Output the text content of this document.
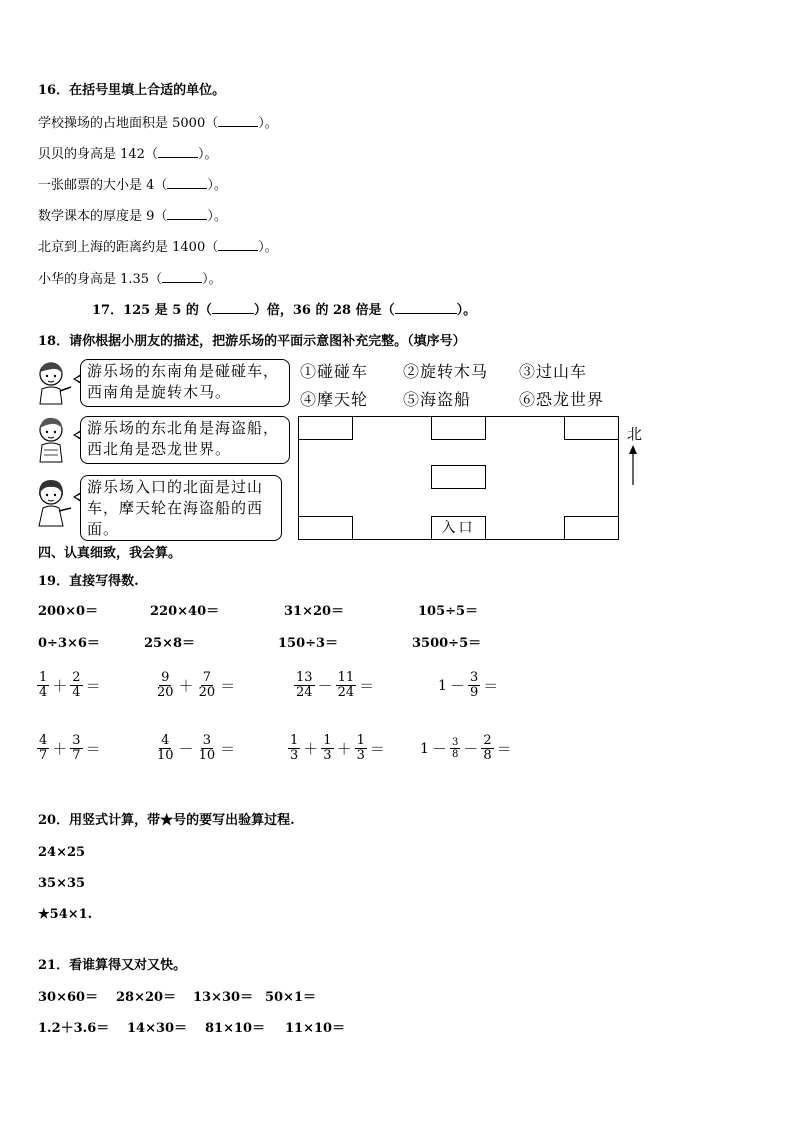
16．在括号里填上合适的单位。
学校操场的占地面积是 5000（	）。
贝贝的身高是 142（	）。
一张邮票的大小是 4（	）。
数学课本的厚度是 9（	）。
北京到上海的距离约是 1400（	）。
小华的身高是 1.35（	）。
17．125 是 5 的（	）倍，36 的 28 倍是（	）。
18．请你根据小朋友的描述，把游乐场的平面示意图补充完整。（填序号）
游乐场的东南角是碰碰车，西南角是旋转木马。
游乐场的东北角是海盗船，西北角是恐龙世界。
游乐场入口的北面是过山车，摩天轮在海盗船的西面。
①碰碰车 ②旋转木马 ③过山车
④摩天轮 ⑤海盗船	⑥恐龙世界
入口
北
四、认真细致，我会算。
19．直接写得数.
200×0＝	220×40＝	31×20＝	105÷5＝
0÷3×6＝	25×8＝	150÷3＝	3500÷5＝
$\frac{1}{4} + \frac{2}{4}$ ＝	$\frac{9}{20} + \frac{7}{20}$ ＝	$\frac{13}{24} - \frac{11}{24}$ ＝	$1 - \frac{3}{9}$ ＝
$\frac{4}{7} + \frac{3}{7}$ ＝	$\frac{4}{10} - \frac{3}{10}$ ＝	$\frac{1}{3} + \frac{1}{3} + \frac{1}{3}$ ＝	$1 - \frac{3}{8} - \frac{2}{8}$ ＝
20．用竖式计算，带★号的要写出验算过程.
24×25
35×35
★54×1.
21．看谁算得又对又快。
30×60＝ 28×20＝ 13×30＝ 50×1＝
1.2＋3.6＝ 14×30＝ 81×10＝ 11×10＝
